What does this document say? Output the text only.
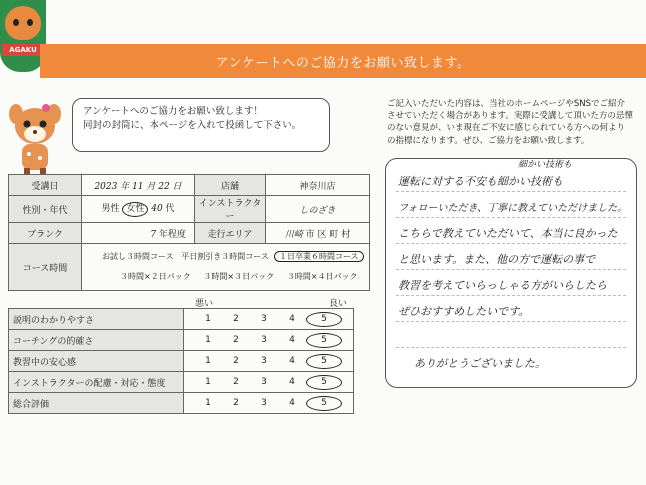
AGAKU
アンケートへのご協力をお願い致します。
アンケートへのご協力をお願い致します！
同封の封筒に、本ページを入れて投函して下さい。
受講日	2023 年 11 月 22 日	店舗	神奈川店
性別・年代	男性 女性 40 代	インストラクター	しのざき
ブランク	7 年程度	走行エリア	川崎 市 区 町 村
コース時間	お試し３時間コース 平日割引き３時間コース １日卒業６時間コース
３時間×２日パック ３時間×３日パック ３時間×４日パック		
悪い	良い
説明のわかりやすさ	1 2 3 4 5
コーチングの的確さ	1 2 3 4 5
教習中の安心感	1 2 3 4 5
インストラクターの配慮・対応・態度	1 2 3 4 5
総合評価	1 2 3 4 5
ご記入いただいた内容は、当社のホームページやSNSでご紹介させていただく場合があります。実際に受講して頂いた方の忌憚のない意見が、いま現在ご不安に感じられている方への何よりの指標になります。ぜひ、ご協力をお願い致します。
細かい技術も
運転に対する不安も細かい技術も
フォローいただき、丁寧に教えていただけました。
こちらで教えていただいて、本当に良かった
と思います。また、他の方で運転の事で
教習を考えていらっしゃる方がいらしたら
ぜひおすすめしたいです。
ありがとうございました。
